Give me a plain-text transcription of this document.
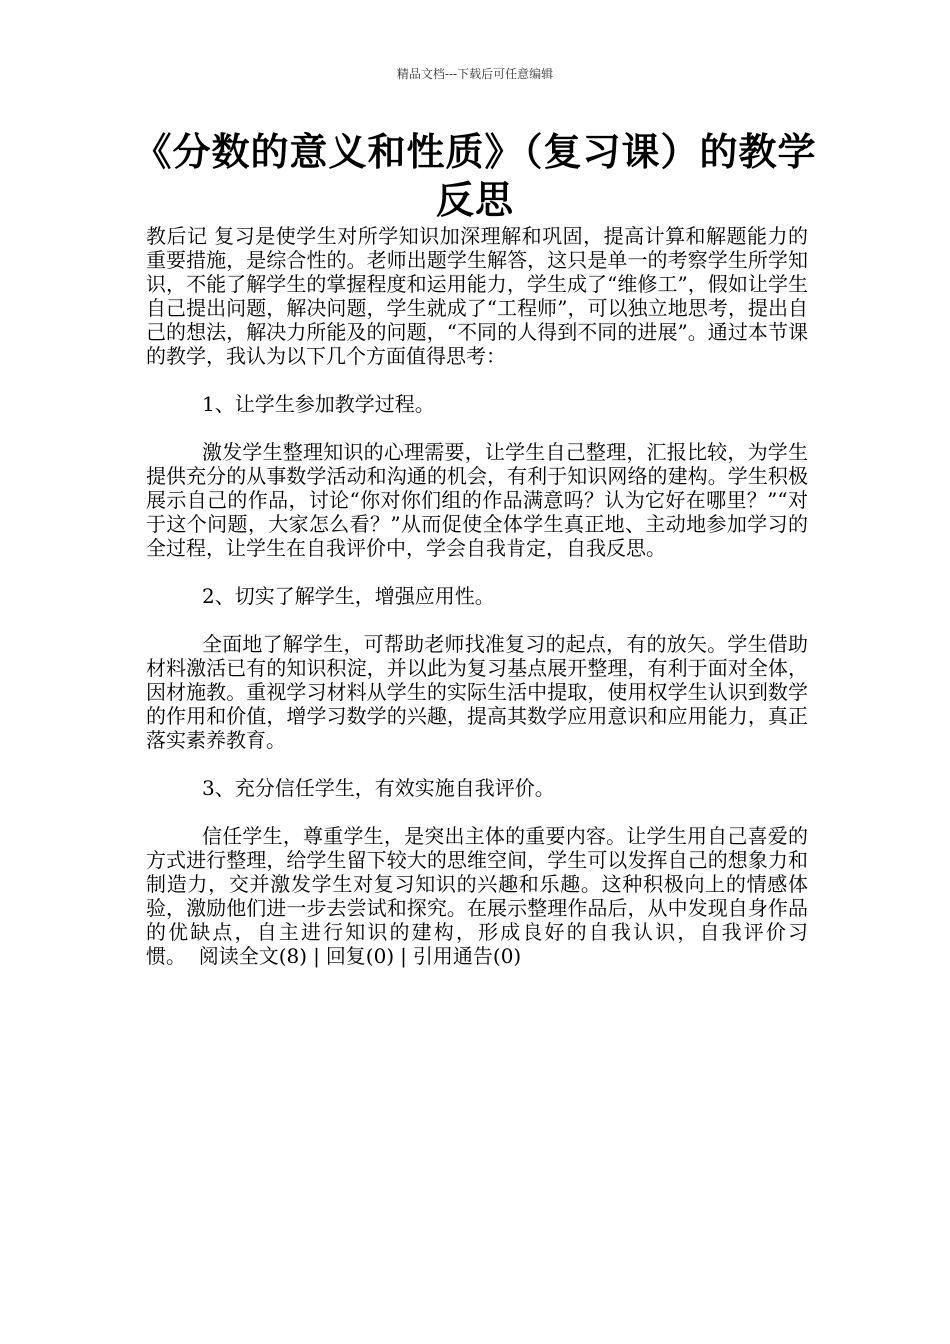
精品文档---下载后可任意编辑
《分数的意义和性质》（复习课）的教学反思

教后记 复习是使学生对所学知识加深理解和巩固，提高计算和解题能力的重要措施，是综合性的。老师出题学生解答，这只是单一的考察学生所学知识，不能了解学生的掌握程度和运用能力，学生成了“维修工”，假如让学生自己提出问题，解决问题，学生就成了“工程师”，可以独立地思考，提出自己的想法，解决力所能及的问题，“不同的人得到不同的进展”。通过本节课的教学，我认为以下几个方面值得思考：

1、让学生参加教学过程。

激发学生整理知识的心理需要，让学生自己整理，汇报比较，为学生提供充分的从事数学活动和沟通的机会，有利于知识网络的建构。学生积极展示自己的作品，讨论“你对你们组的作品满意吗？认为它好在哪里？”“对于这个问题，大家怎么看？”从而促使全体学生真正地、主动地参加学习的全过程，让学生在自我评价中，学会自我肯定，自我反思。

2、切实了解学生，增强应用性。

全面地了解学生，可帮助老师找准复习的起点，有的放矢。学生借助材料激活已有的知识积淀，并以此为复习基点展开整理，有利于面对全体，因材施教。重视学习材料从学生的实际生活中提取，使用权学生认识到数学的作用和价值，增学习数学的兴趣，提高其数学应用意识和应用能力，真正落实素养教育。

3、充分信任学生，有效实施自我评价。

信任学生，尊重学生，是突出主体的重要内容。让学生用自己喜爱的方式进行整理，给学生留下较大的思维空间，学生可以发挥自己的想象力和制造力，交并激发学生对复习知识的兴趣和乐趣。这种积极向上的情感体验，激励他们进一步去尝试和探究。在展示整理作品后，从中发现自身作品的优缺点，自主进行知识的建构，形成良好的自我认识，自我评价习惯。 阅读全文(8) | 回复(0) | 引用通告(0)
